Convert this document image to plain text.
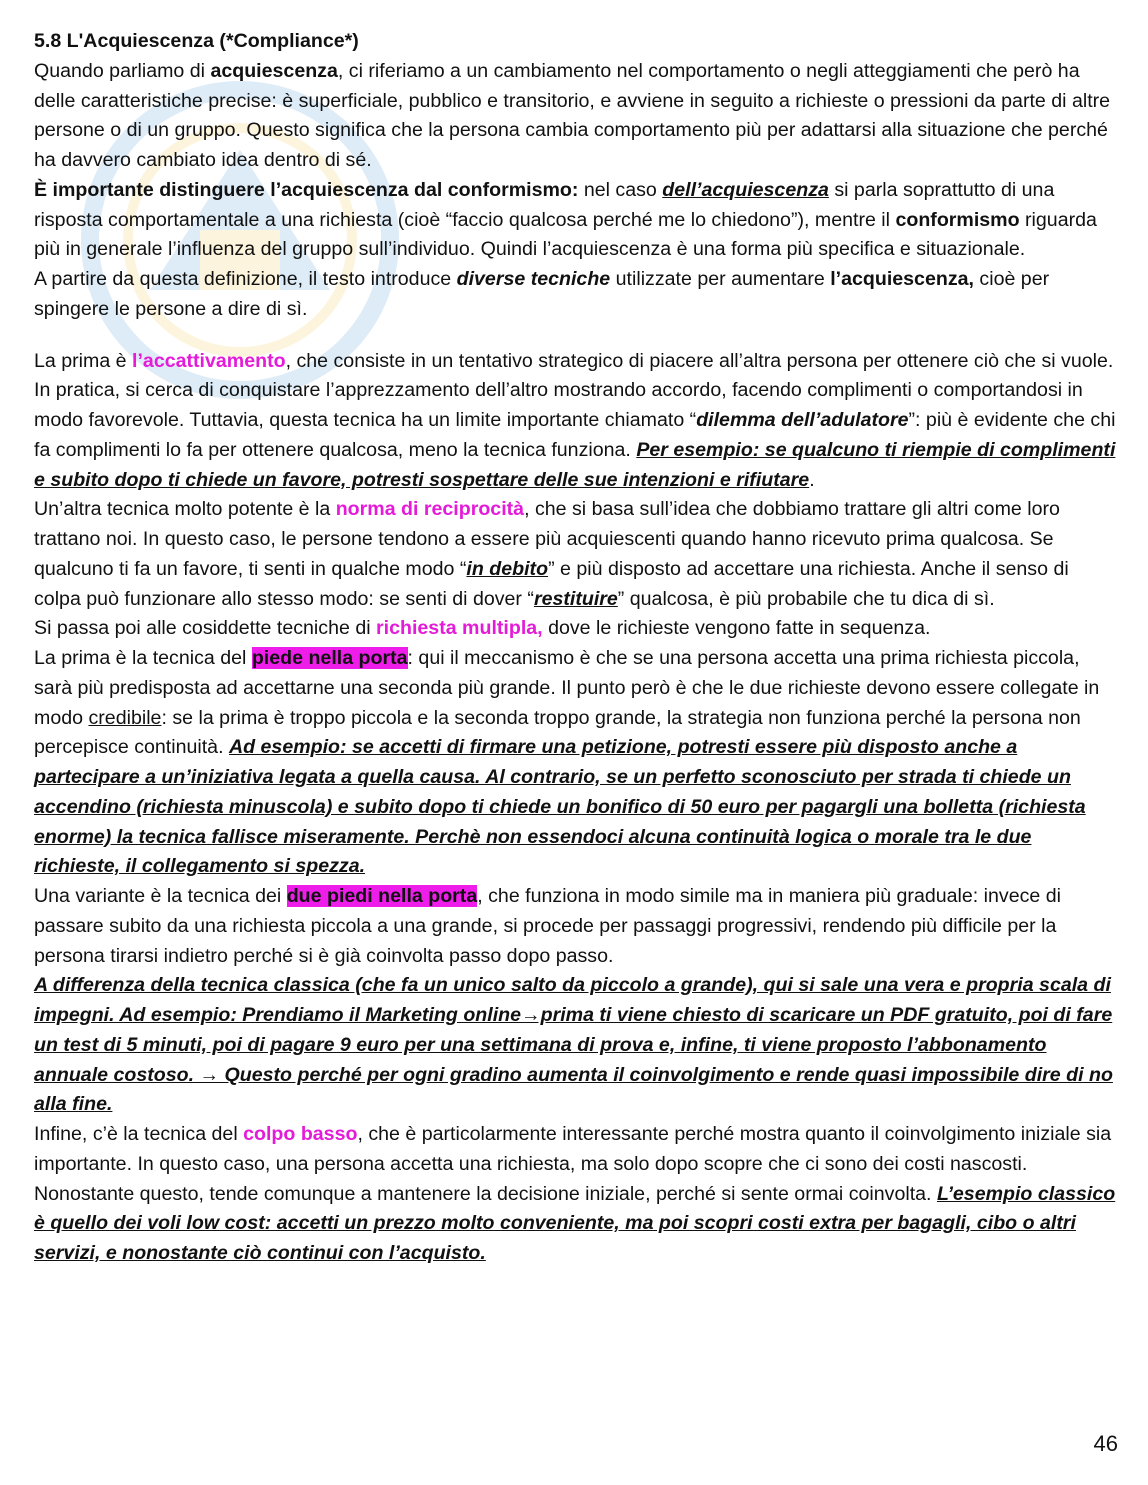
5.8 L'Acquiescenza (*Compliance*)

Quando parliamo di acquiescenza, ci riferiamo a un cambiamento nel comportamento o negli atteggiamenti che però ha delle caratteristiche precise: è superficiale, pubblico e transitorio, e avviene in seguito a richieste o pressioni da parte di altre persone o di un gruppo. Questo significa che la persona cambia comportamento più per adattarsi alla situazione che perché ha davvero cambiato idea dentro di sé.

È importante distinguere l’acquiescenza dal conformismo: nel caso dell’acquiescenza si parla soprattutto di una risposta comportamentale a una richiesta (cioè “faccio qualcosa perché me lo chiedono”), mentre il conformismo riguarda più in generale l’influenza del gruppo sull’individuo. Quindi l’acquiescenza è una forma più specifica e situazionale.

A partire da questa definizione, il testo introduce diverse tecniche utilizzate per aumentare l’acquiescenza, cioè per spingere le persone a dire di sì.

La prima è l’accattivamento, che consiste in un tentativo strategico di piacere all’altra persona per ottenere ciò che si vuole. In pratica, si cerca di conquistare l’apprezzamento dell’altro mostrando accordo, facendo complimenti o comportandosi in modo favorevole. Tuttavia, questa tecnica ha un limite importante chiamato “dilemma dell’adulatore”: più è evidente che chi fa complimenti lo fa per ottenere qualcosa, meno la tecnica funziona. Per esempio: se qualcuno ti riempie di complimenti e subito dopo ti chiede un favore, potresti sospettare delle sue intenzioni e rifiutare.

Un’altra tecnica molto potente è la norma di reciprocità, che si basa sull’idea che dobbiamo trattare gli altri come loro trattano noi. In questo caso, le persone tendono a essere più acquiescenti quando hanno ricevuto prima qualcosa. Se qualcuno ti fa un favore, ti senti in qualche modo “in debito” e più disposto ad accettare una richiesta. Anche il senso di colpa può funzionare allo stesso modo: se senti di dover “restituire” qualcosa, è più probabile che tu dica di sì.

Si passa poi alle cosiddette tecniche di richiesta multipla, dove le richieste vengono fatte in sequenza.

La prima è la tecnica del piede nella porta: qui il meccanismo è che se una persona accetta una prima richiesta piccola, sarà più predisposta ad accettarne una seconda più grande. Il punto però è che le due richieste devono essere collegate in modo credibile: se la prima è troppo piccola e la seconda troppo grande, la strategia non funziona perché la persona non percepisce continuità. Ad esempio: se accetti di firmare una petizione, potresti essere più disposto anche a partecipare a un’iniziativa legata a quella causa. Al contrario, se un perfetto sconosciuto per strada ti chiede un accendino (richiesta minuscola) e subito dopo ti chiede un bonifico di 50 euro per pagargli una bolletta (richiesta enorme) la tecnica fallisce miseramente. Perchè non essendoci alcuna continuità logica o morale tra le due richieste, il collegamento si spezza.

Una variante è la tecnica dei due piedi nella porta, che funziona in modo simile ma in maniera più graduale: invece di passare subito da una richiesta piccola a una grande, si procede per passaggi progressivi, rendendo più difficile per la persona tirarsi indietro perché si è già coinvolta passo dopo passo.
A differenza della tecnica classica (che fa un unico salto da piccolo a grande), qui si sale una vera e propria scala di impegni. Ad esempio: Prendiamo il Marketing online→prima ti viene chiesto di scaricare un PDF gratuito, poi di fare un test di 5 minuti, poi di pagare 9 euro per una settimana di prova e, infine, ti viene proposto l’abbonamento annuale costoso. → Questo perché per ogni gradino aumenta il coinvolgimento e rende quasi impossibile dire di no alla fine.

Infine, c’è la tecnica del colpo basso, che è particolarmente interessante perché mostra quanto il coinvolgimento iniziale sia importante. In questo caso, una persona accetta una richiesta, ma solo dopo scopre che ci sono dei costi nascosti. Nonostante questo, tende comunque a mantenere la decisione iniziale, perché si sente ormai coinvolta. L’esempio classico è quello dei voli low cost: accetti un prezzo molto conveniente, ma poi scopri costi extra per bagagli, cibo o altri servizi, e nonostante ciò continui con l’acquisto.

46
